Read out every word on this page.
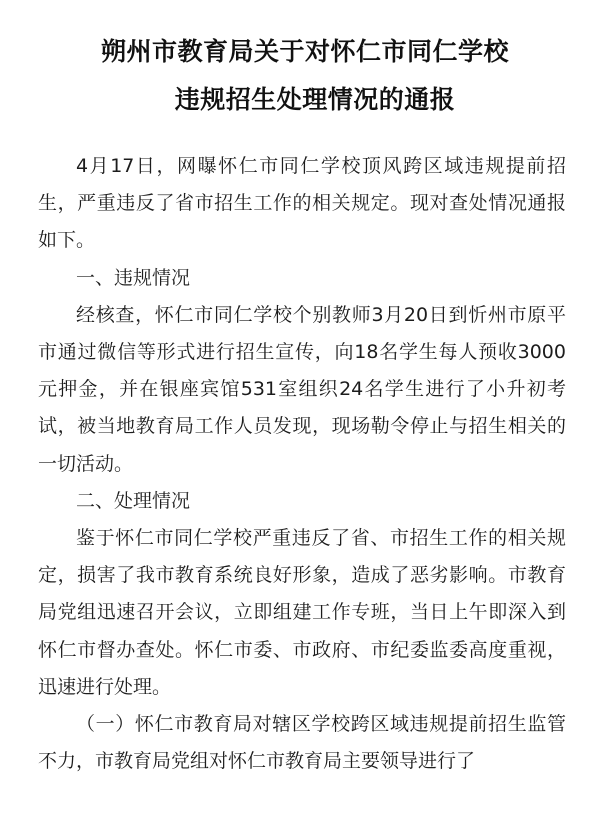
朔州市教育局关于对怀仁市同仁学校
违规招生处理情况的通报

4月17日，网曝怀仁市同仁学校顶风跨区域违规提前招生，严重违反了省市招生工作的相关规定。现对查处情况通报如下。

一、违规情况

经核查，怀仁市同仁学校个别教师3月20日到忻州市原平市通过微信等形式进行招生宣传，向18名学生每人预收3000元押金，并在银座宾馆531室组织24名学生进行了小升初考试，被当地教育局工作人员发现，现场勒令停止与招生相关的一切活动。

二、处理情况

鉴于怀仁市同仁学校严重违反了省、市招生工作的相关规定，损害了我市教育系统良好形象，造成了恶劣影响。市教育局党组迅速召开会议，立即组建工作专班，当日上午即深入到怀仁市督办查处。怀仁市委、市政府、市纪委监委高度重视，迅速进行处理。

（一）怀仁市教育局对辖区学校跨区域违规提前招生监管不力，市教育局党组对怀仁市教育局主要领导进行了
